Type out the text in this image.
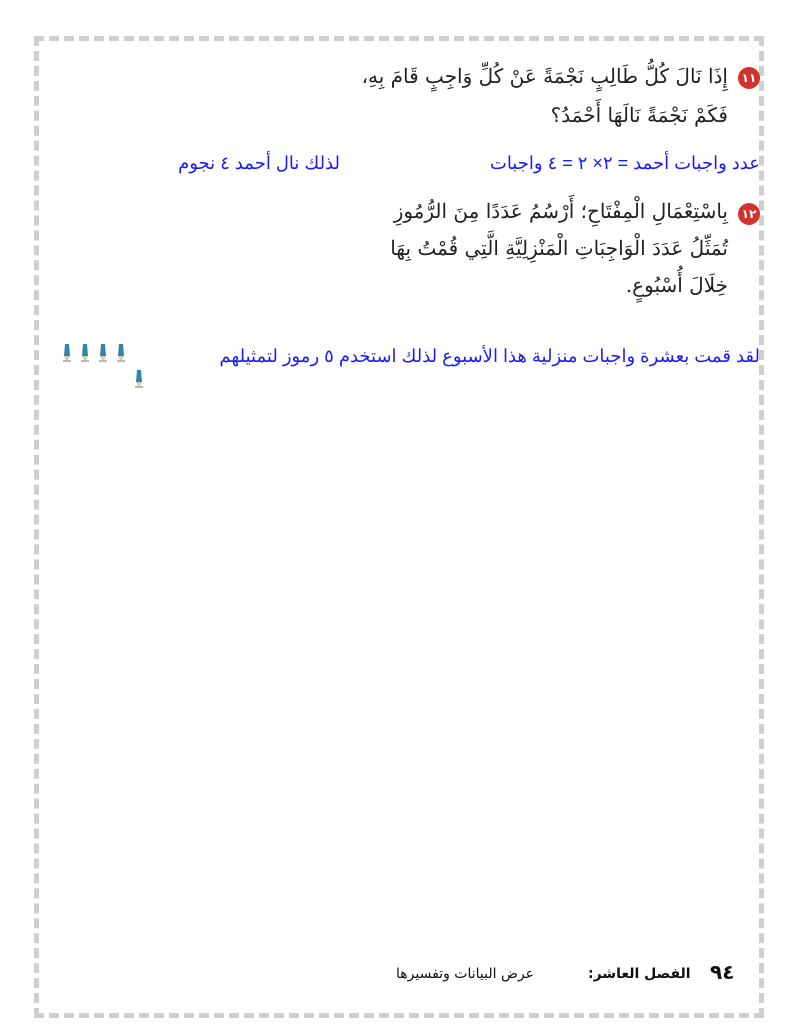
١١
إِذَا نَالَ كُلُّ طَالِبٍ نَجْمَةً عَنْ كُلِّ وَاجِبٍ قَامَ بِهِ،
فَكَمْ نَجْمَةً نَالَهَا أَحْمَدُ؟
عدد واجبات أحمد = ٢× ٢ = ٤ واجبات
لذلك نال أحمد ٤ نجوم
١٢
بِاسْتِعْمَالِ الْمِفْتَاحِ؛ أَرْسُمُ عَدَدًا مِنَ الرُّمُوزِ
تُمَثِّلُ عَدَدَ الْوَاجِبَاتِ الْمَنْزِلِيَّةِ الَّتِي قُمْتُ بِهَا
خِلَالَ أُسْبُوعٍ.
لقد قمت بعشرة واجبات منزلية هذا الأسبوع لذلك استخدم ٥ رموز لتمثيلهم
٩٤
الفصل العاشر:
عرض البيانات وتفسيرها
